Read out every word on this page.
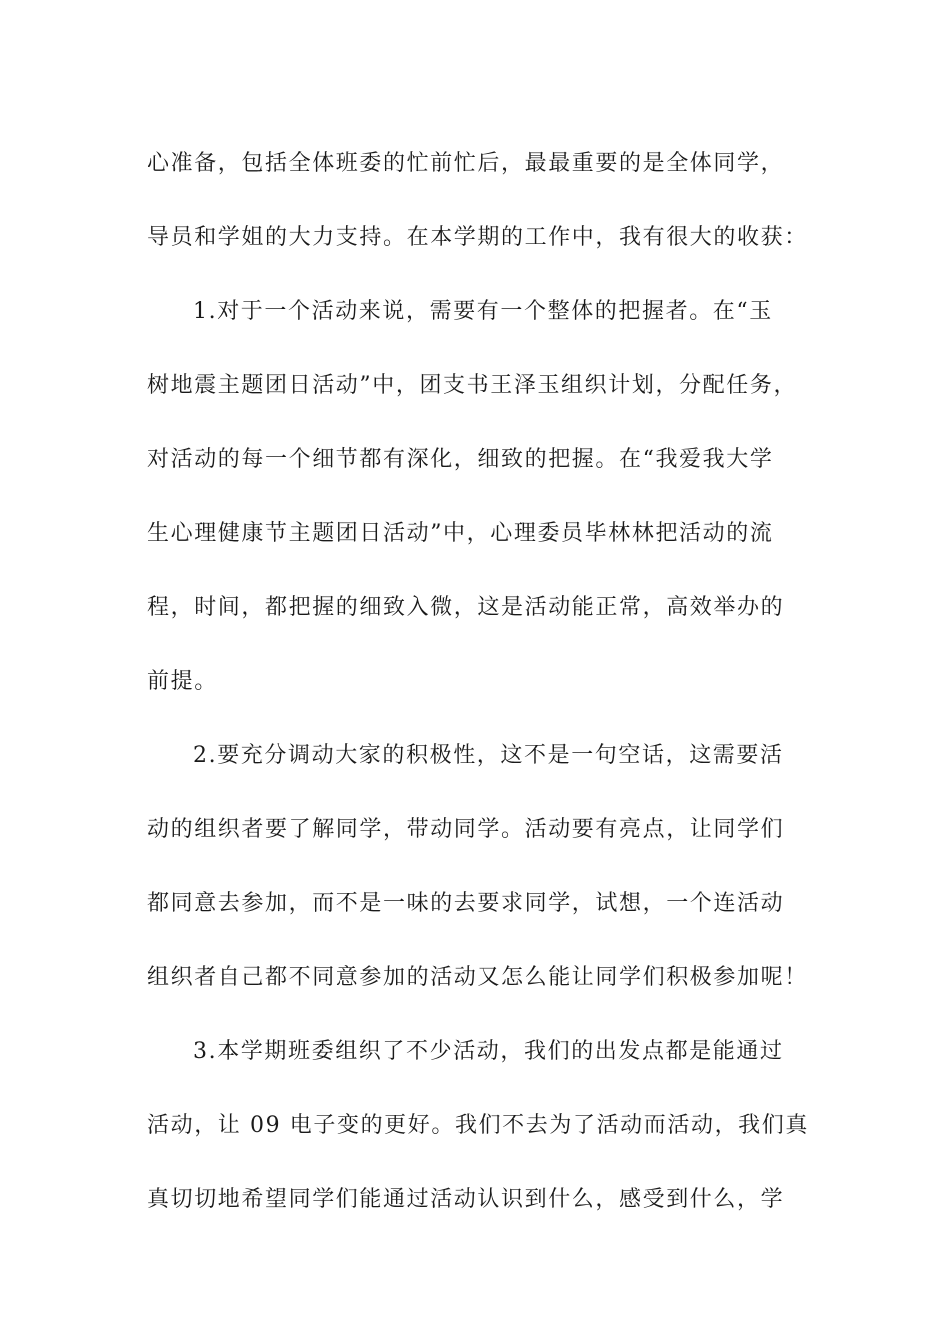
心准备，包括全体班委的忙前忙后，最最重要的是全体同学，
导员和学姐的大力支持。在本学期的工作中，我有很大的收获：
1.对于一个活动来说，需要有一个整体的把握者。在“玉
树地震主题团日活动”中，团支书王泽玉组织计划，分配任务，
对活动的每一个细节都有深化，细致的把握。在“我爱我大学
生心理健康节主题团日活动”中，心理委员毕林林把活动的流
程，时间，都把握的细致入微，这是活动能正常，高效举办的
前提。
2.要充分调动大家的积极性，这不是一句空话，这需要活
动的组织者要了解同学，带动同学。活动要有亮点，让同学们
都同意去参加，而不是一味的去要求同学，试想，一个连活动
组织者自己都不同意参加的活动又怎么能让同学们积极参加呢！
3.本学期班委组织了不少活动，我们的出发点都是能通过
活动，让 09 电子变的更好。我们不去为了活动而活动，我们真
真切切地希望同学们能通过活动认识到什么，感受到什么，学
